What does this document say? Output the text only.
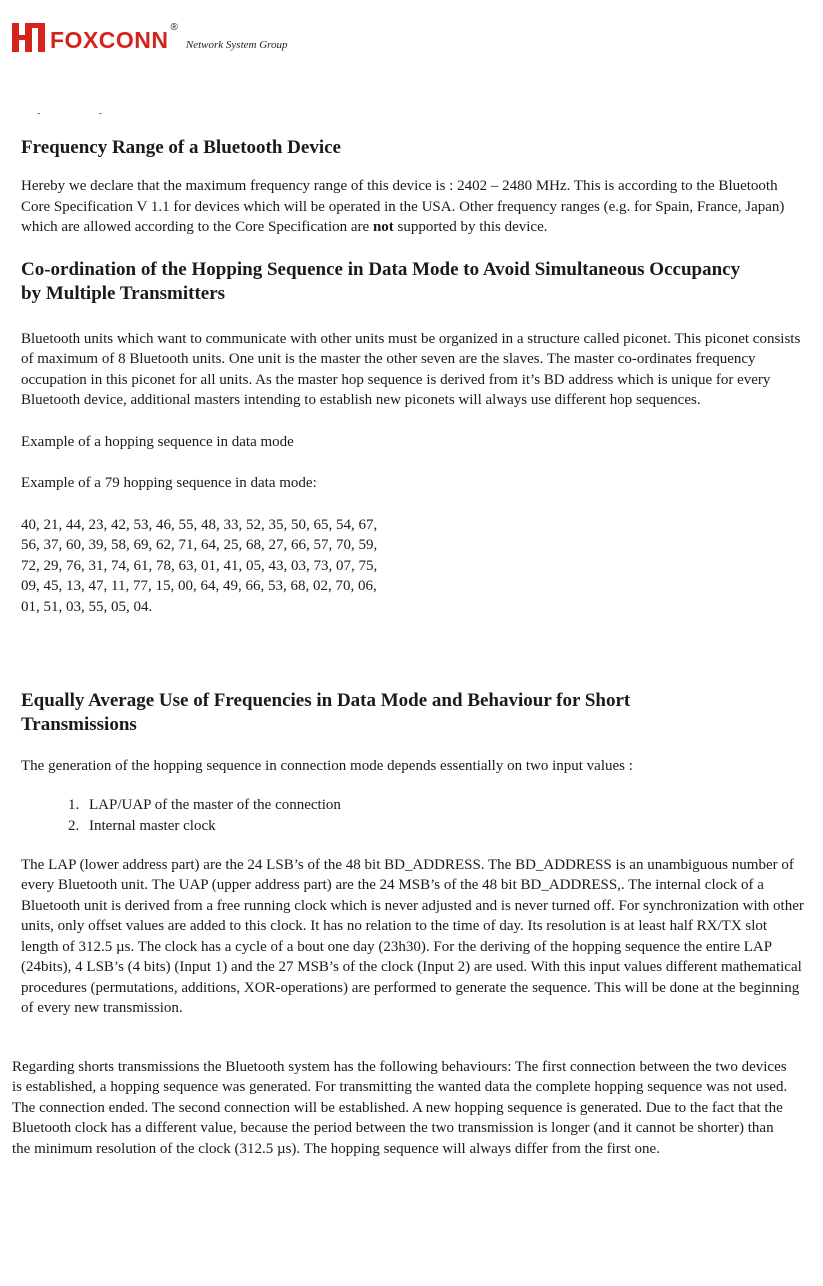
FOXCONN ®
Network System Group
- -
Frequency Range of a Bluetooth Device

Hereby we declare that the maximum frequency range of this device is : 2402 – 2480 MHz. This is according to the Bluetooth Core Specification V 1.1 for devices which will be operated in the USA. Other frequency ranges (e.g. for Spain, France, Japan) which are allowed according to the Core Specification are not supported by this device.

Co-ordination of the Hopping Sequence in Data Mode to Avoid Simultaneous Occupancy by Multiple Transmitters

Bluetooth units which want to communicate with other units must be organized in a structure called piconet. This piconet consists of maximum of 8 Bluetooth units. One unit is the master the other seven are the slaves. The master co-ordinates frequency occupation in this piconet for all units. As the master hop sequence is derived from it’s BD address which is unique for every Bluetooth device, additional masters intending to establish new piconets will always use different hop sequences.

Example of a hopping sequence in data mode

Example of a 79 hopping sequence in data mode:

40, 21, 44, 23, 42, 53, 46, 55, 48, 33, 52, 35, 50, 65, 54, 67,
56, 37, 60, 39, 58, 69, 62, 71, 64, 25, 68, 27, 66, 57, 70, 59,
72, 29, 76, 31, 74, 61, 78, 63, 01, 41, 05, 43, 03, 73, 07, 75,
09, 45, 13, 47, 11, 77, 15, 00, 64, 49, 66, 53, 68, 02, 70, 06,
01, 51, 03, 55, 05, 04.
Equally Average Use of Frequencies in Data Mode and Behaviour for Short Transmissions

The generation of the hopping sequence in connection mode depends essentially on two input values :

1. LAP/UAP of the master of the connection
2. Internal master clock

The LAP (lower address part) are the 24 LSB’s of the 48 bit BD_ADDRESS. The BD_ADDRESS is an unambiguous number of every Bluetooth unit. The UAP (upper address part) are the 24 MSB’s of the 48 bit BD_ADDRESS,. The internal clock of a Bluetooth unit is derived from a free running clock which is never adjusted and is never turned off. For synchronization with other units, only offset values are added to this clock. It has no relation to the time of day. Its resolution is at least half RX/TX slot length of 312.5 µs. The clock has a cycle of a bout one day (23h30). For the deriving of the hopping sequence the entire LAP (24bits), 4 LSB’s (4 bits) (Input 1) and the 27 MSB’s of the clock (Input 2) are used. With this input values different mathematical procedures (permutations, additions, XOR-operations) are performed to generate the sequence. This will be done at the beginning of every new transmission.

Regarding shorts transmissions the Bluetooth system has the following behaviours: The first connection between the two devices is established, a hopping sequence was generated. For transmitting the wanted data the complete hopping sequence was not used. The connection ended. The second connection will be established. A new hopping sequence is generated. Due to the fact that the Bluetooth clock has a different value, because the period between the two transmission is longer (and it cannot be shorter) than the minimum resolution of the clock (312.5 µs). The hopping sequence will always differ from the first one.
